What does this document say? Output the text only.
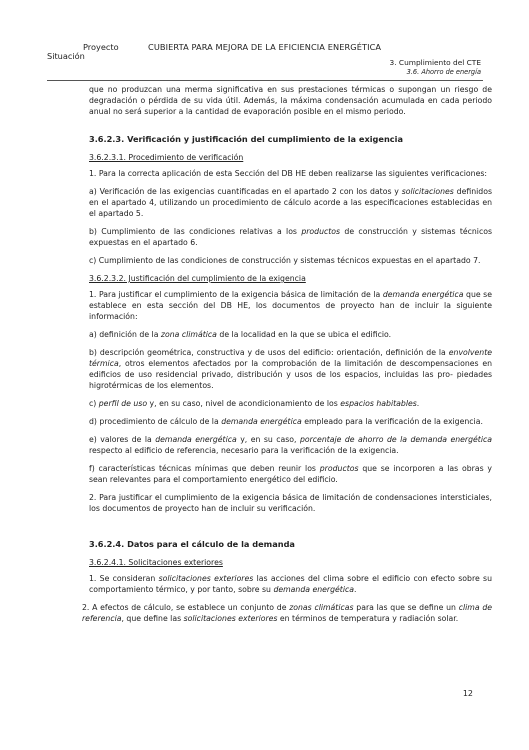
Proyecto
Situación
CUBIERTA PARA MEJORA DE LA EFICIENCIA ENERGÉTICA
3. Cumplimiento del CTE
3.6. Ahorro de energía

que no produzcan una merma significativa en sus prestaciones térmicas o supongan un riesgo de degradación o pérdida de su vida útil. Además, la máxima condensación acumulada en cada periodo anual no será superior a la cantidad de evaporación posible en el mismo periodo.

3.6.2.3. Verificación y justificación del cumplimiento de la exigencia

3.6.2.3.1. Procedimiento de verificación

1. Para la correcta aplicación de esta Sección del DB HE deben realizarse las siguientes verificaciones:

a) Verificación de las exigencias cuantificadas en el apartado 2 con los datos y solicitaciones definidos en el apartado 4, utilizando un procedimiento de cálculo acorde a las especificaciones establecidas en el apartado 5.

b) Cumplimiento de las condiciones relativas a los productos de construcción y sistemas técnicos expuestas en el apartado 6.

c) Cumplimiento de las condiciones de construcción y sistemas técnicos expuestas en el apartado 7.

3.6.2.3.2. Justificación del cumplimiento de la exigencia

1. Para justificar el cumplimiento de la exigencia básica de limitación de la demanda energética que se establece en esta sección del DB HE, los documentos de proyecto han de incluir la siguiente información:

a) definición de la zona climática de la localidad en la que se ubica el edificio.

b) descripción geométrica, constructiva y de usos del edificio: orientación, definición de la envolvente térmica, otros elementos afectados por la comprobación de la limitación de descompensaciones en edificios de uso residencial privado, distribución y usos de los espacios, incluidas las pro- piedades higrotérmicas de los elementos.

c) perfil de uso y, en su caso, nivel de acondicionamiento de los espacios habitables.

d) procedimiento de cálculo de la demanda energética empleado para la verificación de la exigencia.

e) valores de la demanda energética y, en su caso, porcentaje de ahorro de la demanda energética respecto al edificio de referencia, necesario para la verificación de la exigencia.

f) características técnicas mínimas que deben reunir los productos que se incorporen a las obras y sean relevantes para el comportamiento energético del edificio.

2. Para justificar el cumplimiento de la exigencia básica de limitación de condensaciones intersticiales, los documentos de proyecto han de incluir su verificación.

3.6.2.4. Datos para el cálculo de la demanda

3.6.2.4.1. Solicitaciones exteriores

1. Se consideran solicitaciones exteriores las acciones del clima sobre el edificio con efecto sobre su comportamiento térmico, y por tanto, sobre su demanda energética.

2. A efectos de cálculo, se establece un conjunto de zonas climáticas para las que se define un clima de referencia, que define las solicitaciones exteriores en términos de temperatura y radiación solar.

12
